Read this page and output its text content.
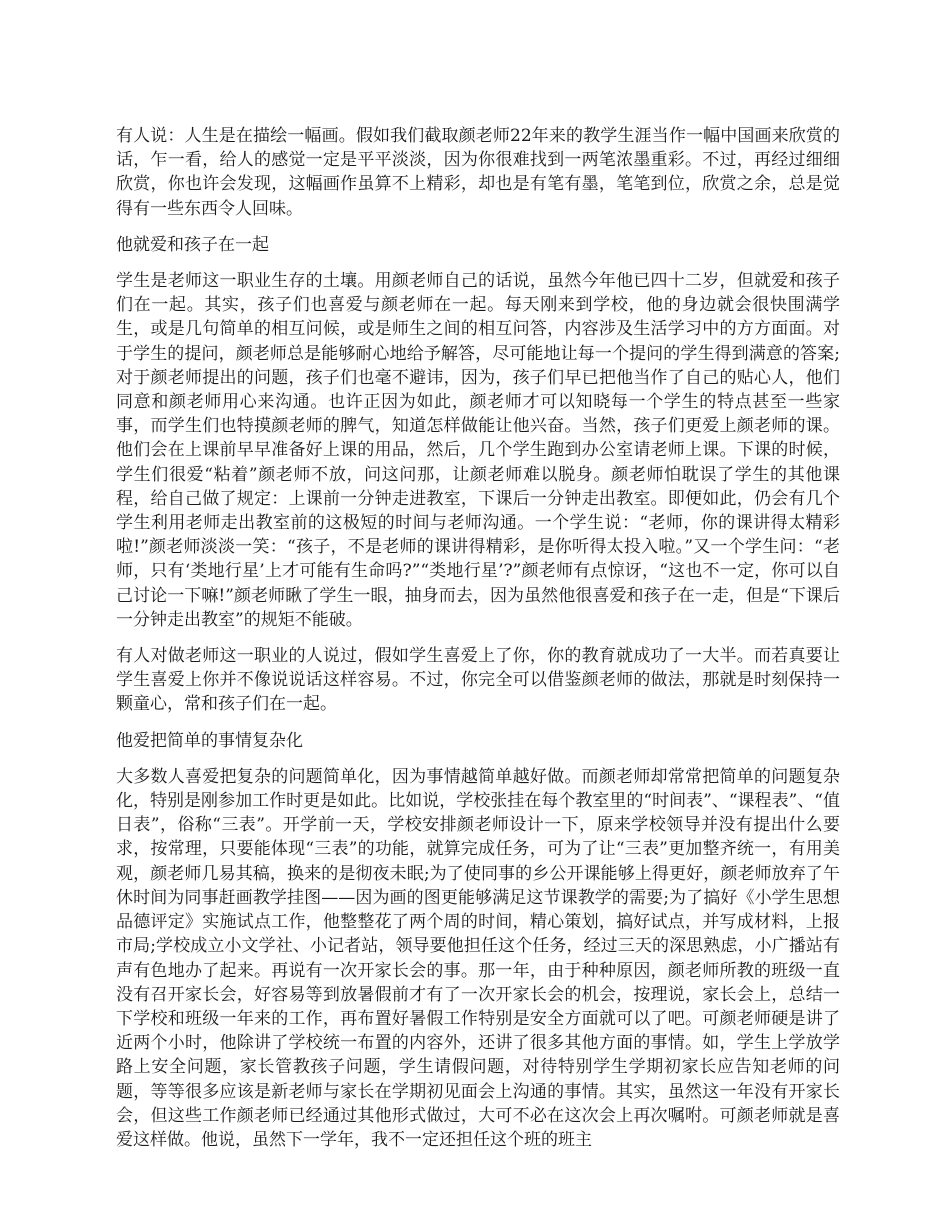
有人说：人生是在描绘一幅画。假如我们截取颜老师22年来的教学生涯当作一幅中国画来欣赏的话，乍一看，给人的感觉一定是平平淡淡，因为你很难找到一两笔浓墨重彩。不过，再经过细细欣赏，你也许会发现，这幅画作虽算不上精彩，却也是有笔有墨，笔笔到位，欣赏之余，总是觉得有一些东西令人回味。

他就爱和孩子在一起

学生是老师这一职业生存的土壤。用颜老师自己的话说，虽然今年他已四十二岁，但就爱和孩子们在一起。其实，孩子们也喜爱与颜老师在一起。每天刚来到学校，他的身边就会很快围满学生，或是几句简单的相互问候，或是师生之间的相互问答，内容涉及生活学习中的方方面面。对于学生的提问，颜老师总是能够耐心地给予解答，尽可能地让每一个提问的学生得到满意的答案;对于颜老师提出的问题，孩子们也毫不避讳，因为，孩子们早已把他当作了自己的贴心人，他们同意和颜老师用心来沟通。也许正因为如此，颜老师才可以知晓每一个学生的特点甚至一些家事，而学生们也特摸颜老师的脾气，知道怎样做能让他兴奋。当然，孩子们更爱上颜老师的课。他们会在上课前早早准备好上课的用品，然后，几个学生跑到办公室请老师上课。下课的时候，学生们很爱“粘着”颜老师不放，问这问那，让颜老师难以脱身。颜老师怕耽误了学生的其他课程，给自己做了规定：上课前一分钟走进教室，下课后一分钟走出教室。即便如此，仍会有几个学生利用老师走出教室前的这极短的时间与老师沟通。一个学生说：“老师，你的课讲得太精彩啦!”颜老师淡淡一笑：“孩子，不是老师的课讲得精彩，是你听得太投入啦。”又一个学生问：“老师，只有‘类地行星’上才可能有生命吗?”“类地行星’?”颜老师有点惊讶，“这也不一定，你可以自己讨论一下嘛!”颜老师瞅了学生一眼，抽身而去，因为虽然他很喜爱和孩子在一走，但是“下课后一分钟走出教室”的规矩不能破。

有人对做老师这一职业的人说过，假如学生喜爱上了你，你的教育就成功了一大半。而若真要让学生喜爱上你并不像说说话这样容易。不过，你完全可以借鉴颜老师的做法，那就是时刻保持一颗童心，常和孩子们在一起。

他爱把简单的事情复杂化

大多数人喜爱把复杂的问题简单化，因为事情越简单越好做。而颜老师却常常把简单的问题复杂化，特别是刚参加工作时更是如此。比如说，学校张挂在每个教室里的“时间表”、“课程表”、“值日表”，俗称“三表”。开学前一天，学校安排颜老师设计一下，原来学校领导并没有提出什么要求，按常理，只要能体现“三表”的功能，就算完成任务，可为了让“三表”更加整齐统一，有用美观，颜老师几易其稿，换来的是彻夜未眠;为了使同事的乡公开课能够上得更好，颜老师放弃了午休时间为同事赶画教学挂图——因为画的图更能够满足这节课教学的需要;为了搞好《小学生思想品德评定》实施试点工作，他整整花了两个周的时间，精心策划，搞好试点，并写成材料，上报市局;学校成立小文学社、小记者站，领导要他担任这个任务，经过三天的深思熟虑，小广播站有声有色地办了起来。再说有一次开家长会的事。那一年，由于种种原因，颜老师所教的班级一直没有召开家长会，好容易等到放暑假前才有了一次开家长会的机会，按理说，家长会上，总结一下学校和班级一年来的工作，再布置好暑假工作特别是安全方面就可以了吧。可颜老师硬是讲了近两个小时，他除讲了学校统一布置的内容外，还讲了很多其他方面的事情。如，学生上学放学路上安全问题，家长管教孩子问题，学生请假问题，对待特别学生学期初家长应告知老师的问题，等等很多应该是新老师与家长在学期初见面会上沟通的事情。其实，虽然这一年没有开家长会，但这些工作颜老师已经通过其他形式做过，大可不必在这次会上再次嘱咐。可颜老师就是喜爱这样做。他说，虽然下一学年，我不一定还担任这个班的班主
